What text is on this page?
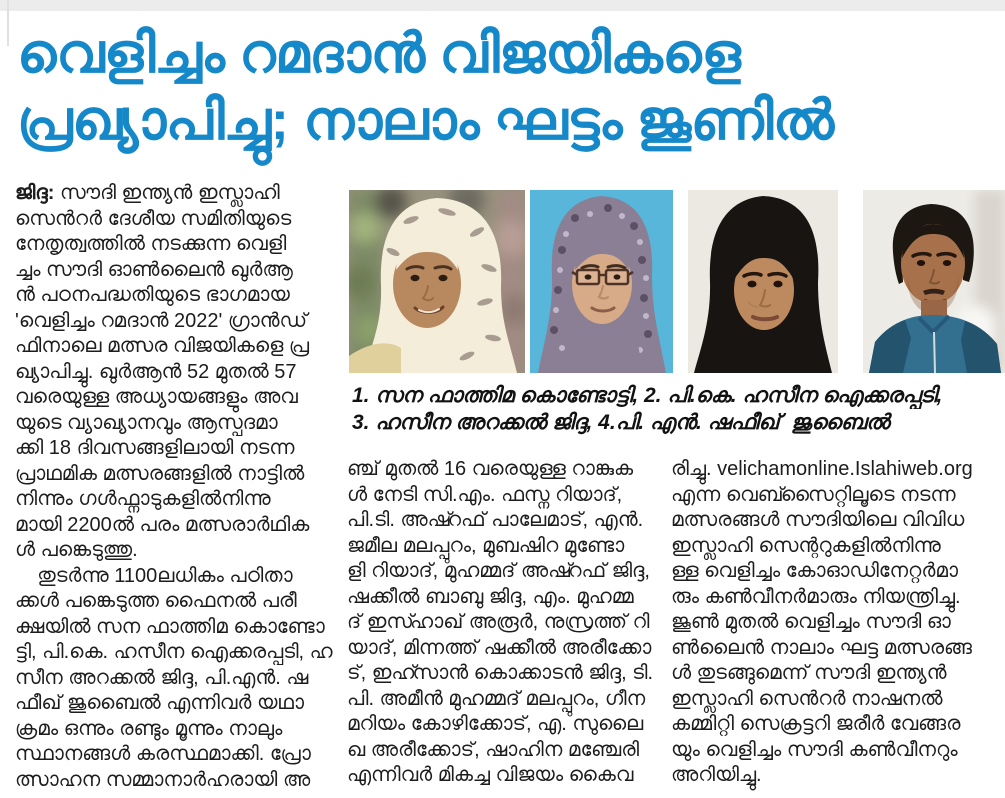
വെളിച്ചം റമദാൻ വിജയികളെ
പ്രഖ്യാപിച്ചു; നാലാം ഘട്ടം ജൂണിൽ
ജിദ്ദ: സൗദി ഇന്ത്യൻ ഇസ്ലാഹി
സെൻറർ ദേശീയ സമിതിയുടെ
നേതൃത്വത്തിൽ നടക്കുന്ന വെളി
ച്ചം സൗദി ഓൺലൈൻ ഖുർആ
ൻ പഠനപദ്ധതിയുടെ ഭാഗമായ
'വെളിച്ചം റമദാൻ 2022' ഗ്രാൻഡ്
ഫിനാലെ മത്സര വിജയികളെ പ്ര
ഖ്യാപിച്ചു. ഖുർആൻ 52 മുതൽ 57
വരെയുള്ള അധ്യായങ്ങളും അവ
യുടെ വ്യാഖ്യാനവും ആസ്പദമാ
ക്കി 18 ദിവസങ്ങളിലായി നടന്ന
പ്രാഥമിക മത്സരങ്ങളിൽ നാട്ടിൽ
നിന്നും ഗൾഫ്നാടുകളിൽനിന്നു
മായി 2200ൽ പരം മത്സരാർഥിക
ൾ പങ്കെടുത്തു.
തുടർന്നു 1100ലധികം പഠിതാ
ക്കൾ പങ്കെടുത്ത ഫൈനൽ പരീ
ക്ഷയിൽ സന ഫാത്തിമ കൊണ്ടോ
ട്ടി, പി.കെ. ഹസീന ഐക്കരപ്പടി, ഹ
സീന അറക്കൽ ജിദ്ദ, പി.എൻ. ഷ
ഫീഖ് ജുബൈൽ എന്നിവർ യഥാ
ക്രമം ഒന്നും രണ്ടും മൂന്നും നാലും
സ്ഥാനങ്ങൾ കരസ്ഥമാക്കി. പ്രോ
ത്സാഹന സമ്മാനാർഹരായി അ
1. സന ഫാത്തിമ കൊണ്ടോട്ടി, 2. പി.കെ. ഹസീന ഐക്കരപ്പടി,
3. ഹസീന അറക്കൽ ജിദ്ദ, 4.പി. എൻ. ഷഫീഖ്  ജുബൈൽ
ഞ്ച് മുതൽ 16 വരെയുള്ള റാങ്കുക
ൾ നേടി സി.എം. ഫസ്ന റിയാദ്,
പി.ടി. അഷ്റഫ് പാലേമാട്, എൻ.
ജമീല മലപ്പുറം, മുബഷിറ മുണ്ടോ
ളി റിയാദ്, മുഹമ്മദ് അഷ്റഫ് ജിദ്ദ,
ഷക്കീൽ ബാബു ജിദ്ദ, എം. മുഹമ്മ
ദ് ഇസ്ഹാഖ് അരൂർ, നുസ്രത്ത് റി
യാദ്, മിന്നത്ത് ഷക്കീൽ അരീക്കോ
ട്, ഇഹ്സാൻ കൊക്കാടൻ ജിദ്ദ, ടി.
പി. അമീൻ മുഹമ്മദ് മലപ്പുറം, ഗീന
മറിയം കോഴിക്കോട്, എ. സുലൈ
ഖ അരീക്കോട്, ഷാഹിന മഞ്ചേരി
എന്നിവർ മികച്ച വിജയം കൈവ
രിച്ചു. velichamonline.Islahiweb.org
എന്ന വെബ്സൈറ്റിലൂടെ നടന്ന
മത്സരങ്ങൾ സൗദിയിലെ വിവിധ
ഇസ്ലാഹി സെന്ററുകളിൽനിന്നു
ള്ള വെളിച്ചം കോഓഡിനേറ്റർമാ
രും കൺവീനർമാരും നിയന്ത്രിച്ചു.
ജൂൺ മുതൽ വെളിച്ചം സൗദി ഓ
ൺലൈൻ നാലാം ഘട്ട മത്സരങ്ങ
ൾ തുടങ്ങുമെന്ന് സൗദി ഇന്ത്യൻ
ഇസ്ലാഹി സെൻറർ നാഷനൽ
കമ്മിറ്റി സെക്രട്ടറി ജരീർ വേങ്ങര
യും വെളിച്ചം സൗദി കൺവീനറും
അറിയിച്ചു.
